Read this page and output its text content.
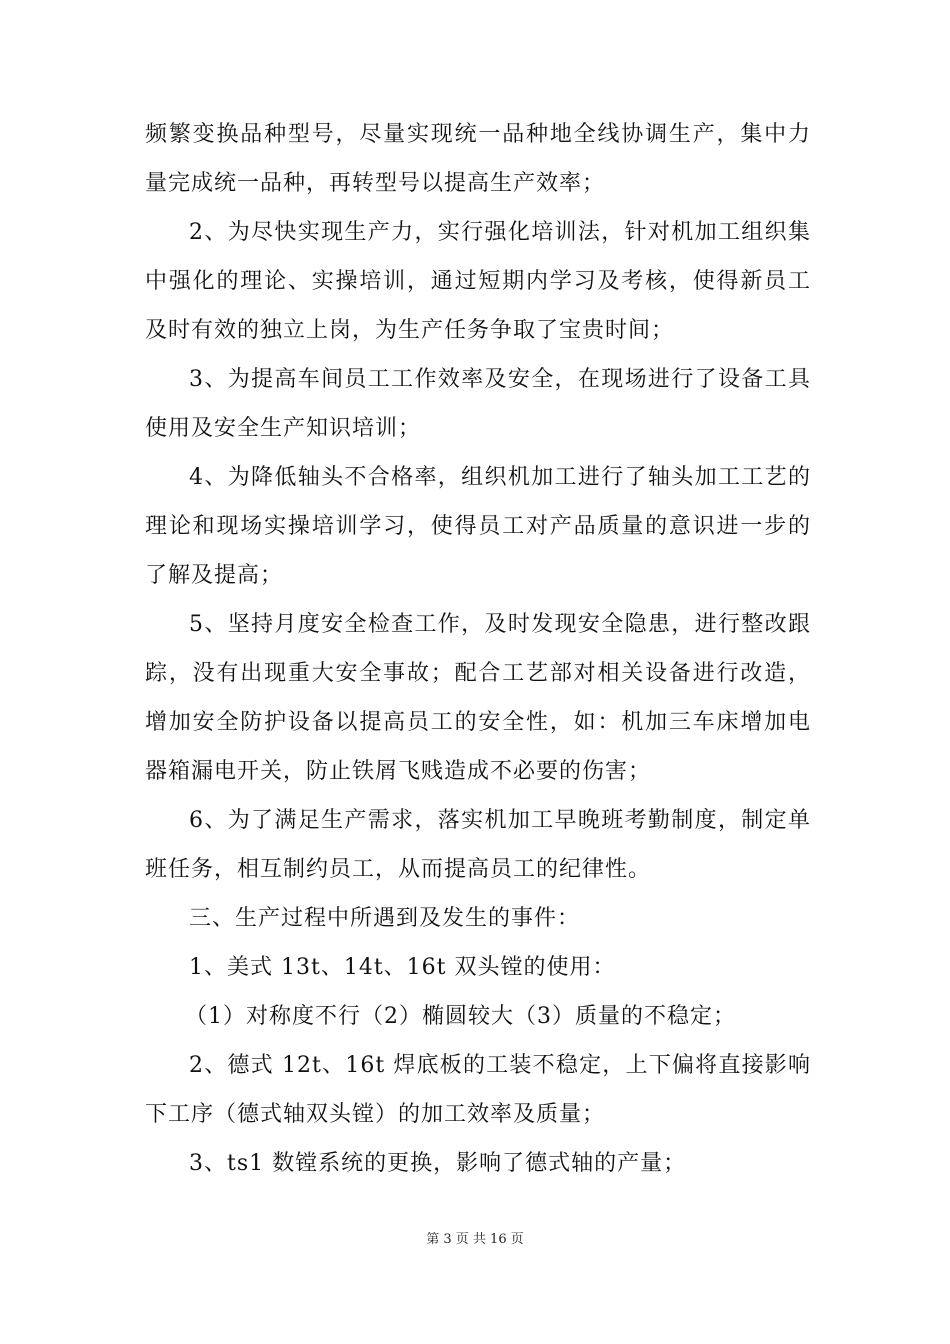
频繁变换品种型号，尽量实现统一品种地全线协调生产，集中力量完成统一品种，再转型号以提高生产效率；

2、为尽快实现生产力，实行强化培训法，针对机加工组织集中强化的理论、实操培训，通过短期内学习及考核，使得新员工及时有效的独立上岗，为生产任务争取了宝贵时间；

3、为提高车间员工工作效率及安全，在现场进行了设备工具使用及安全生产知识培训；

4、为降低轴头不合格率，组织机加工进行了轴头加工工艺的理论和现场实操培训学习，使得员工对产品质量的意识进一步的了解及提高；

5、坚持月度安全检查工作，及时发现安全隐患，进行整改跟踪，没有出现重大安全事故；配合工艺部对相关设备进行改造，增加安全防护设备以提高员工的安全性，如：机加三车床增加电器箱漏电开关，防止铁屑飞贱造成不必要的伤害；

6、为了满足生产需求，落实机加工早晚班考勤制度，制定单班任务，相互制约员工，从而提高员工的纪律性。

三、生产过程中所遇到及发生的事件：

1、美式 13t、14t、16t 双头镗的使用：

（1）对称度不行（2）椭圆较大（3）质量的不稳定；

2、德式 12t、16t 焊底板的工装不稳定，上下偏将直接影响下工序（德式轴双头镗）的加工效率及质量；

3、ts1 数镗系统的更换，影响了德式轴的产量；

第 3 页 共 16 页
